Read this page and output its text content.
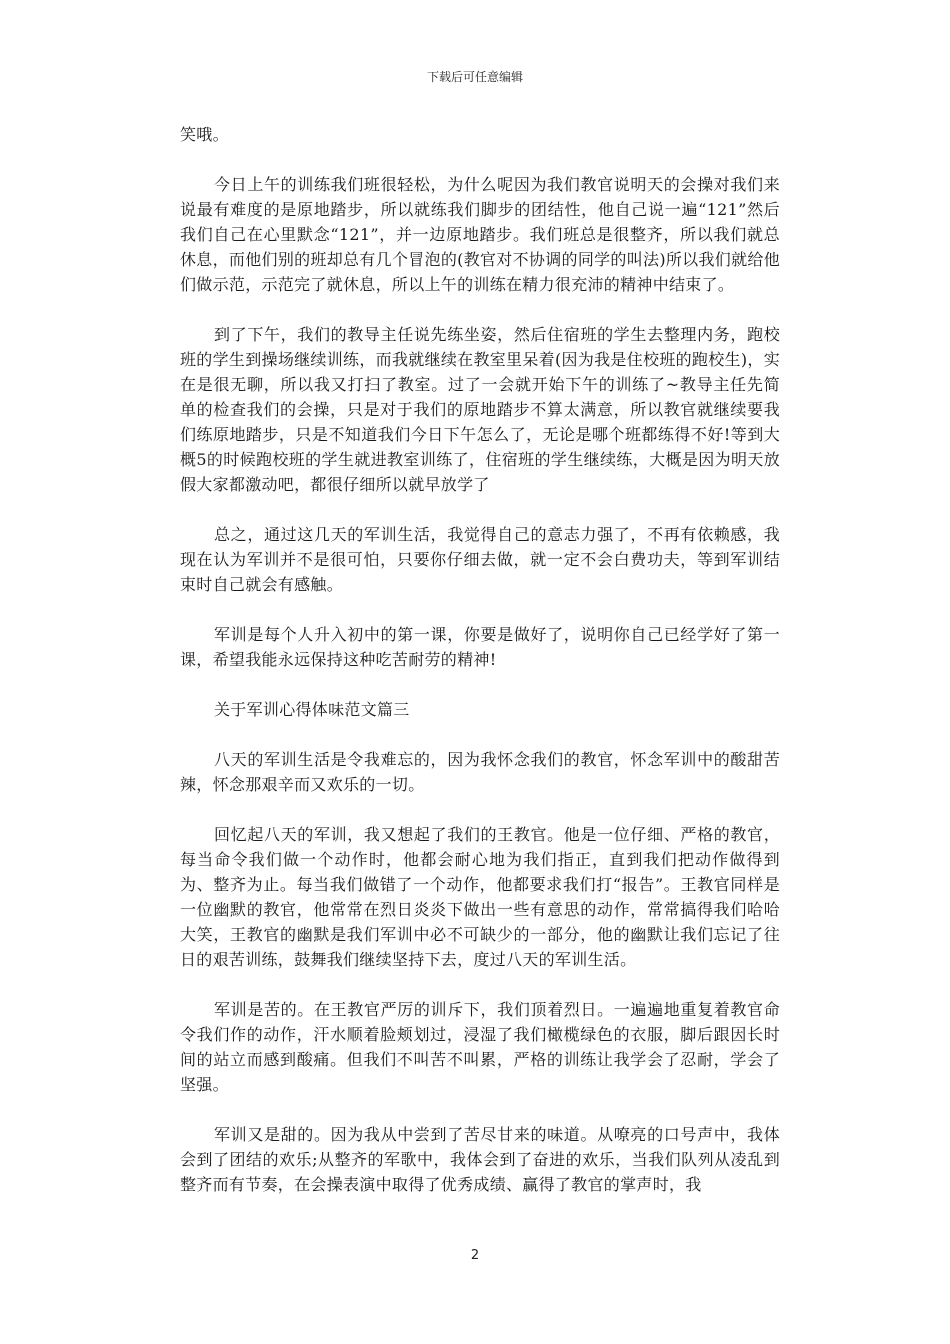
下载后可任意编辑

笑哦。

今日上午的训练我们班很轻松，为什么呢因为我们教官说明天的会操对我们来说最有难度的是原地踏步，所以就练我们脚步的团结性，他自己说一遍“121”然后我们自己在心里默念“121”，并一边原地踏步。我们班总是很整齐，所以我们就总休息，而他们别的班却总有几个冒泡的(教官对不协调的同学的叫法)所以我们就给他们做示范，示范完了就休息，所以上午的训练在精力很充沛的精神中结束了。

到了下午，我们的教导主任说先练坐姿，然后住宿班的学生去整理内务，跑校班的学生到操场继续训练，而我就继续在教室里呆着(因为我是住校班的跑校生)，实在是很无聊，所以我又打扫了教室。过了一会就开始下午的训练了~教导主任先简单的检查我们的会操，只是对于我们的原地踏步不算太满意，所以教官就继续要我们练原地踏步，只是不知道我们今日下午怎么了，无论是哪个班都练得不好!等到大概5的时候跑校班的学生就进教室训练了，住宿班的学生继续练，大概是因为明天放假大家都激动吧，都很仔细所以就早放学了

总之，通过这几天的军训生活，我觉得自己的意志力强了，不再有依赖感，我现在认为军训并不是很可怕，只要你仔细去做，就一定不会白费功夫，等到军训结束时自己就会有感触。

军训是每个人升入初中的第一课，你要是做好了，说明你自己已经学好了第一课，希望我能永远保持这种吃苦耐劳的精神!

关于军训心得体味范文篇三

八天的军训生活是令我难忘的，因为我怀念我们的教官，怀念军训中的酸甜苦辣，怀念那艰辛而又欢乐的一切。

回忆起八天的军训，我又想起了我们的王教官。他是一位仔细、严格的教官，每当命令我们做一个动作时，他都会耐心地为我们指正，直到我们把动作做得到为、整齐为止。每当我们做错了一个动作，他都要求我们打“报告”。王教官同样是一位幽默的教官，他常常在烈日炎炎下做出一些有意思的动作，常常搞得我们哈哈大笑，王教官的幽默是我们军训中必不可缺少的一部分，他的幽默让我们忘记了往日的艰苦训练，鼓舞我们继续坚持下去，度过八天的军训生活。

军训是苦的。在王教官严厉的训斥下，我们顶着烈日。一遍遍地重复着教官命令我们作的动作，汗水顺着脸颊划过，浸湿了我们橄榄绿色的衣服，脚后跟因长时间的站立而感到酸痛。但我们不叫苦不叫累，严格的训练让我学会了忍耐，学会了坚强。

军训又是甜的。因为我从中尝到了苦尽甘来的味道。从嘹亮的口号声中，我体会到了团结的欢乐;从整齐的军歌中，我体会到了奋进的欢乐，当我们队列从凌乱到整齐而有节奏，在会操表演中取得了优秀成绩、赢得了教官的掌声时，我

2
